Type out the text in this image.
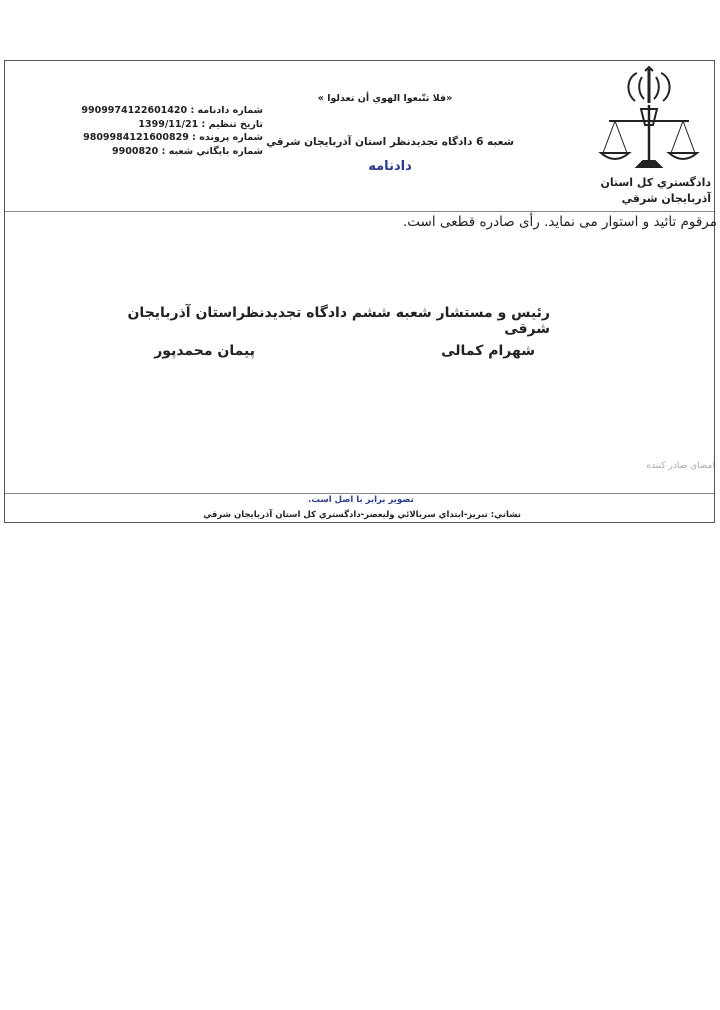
دادگستري كل استان آذربايجان شرقي
«فلا تتّبعوا الهوي أن تعدلوا »
شعبه 6 دادگاه تجديدنظر استان آذربايجان شرقي
دادنامه
شماره دادنامه : 9909974122601420
تاريخ تنظيم : 1399/11/21
شماره پرونده : 9809984121600829
شماره بايگاني شعبه : 9900820
مرقوم تائید و استوار می نماید. رأی صادره قطعی است.
رئیس و مستشار شعبه ششم دادگاه تجدیدنظراستان آذربایجان شرقی
شهرام کمالی
پیمان محمدپور
امضاي صادر كننده
تصوير برابر با اصل است.
نشاني: تبريز-ابتداي سربالائي وليعصر-دادگستري كل استان آذربايجان شرقي
